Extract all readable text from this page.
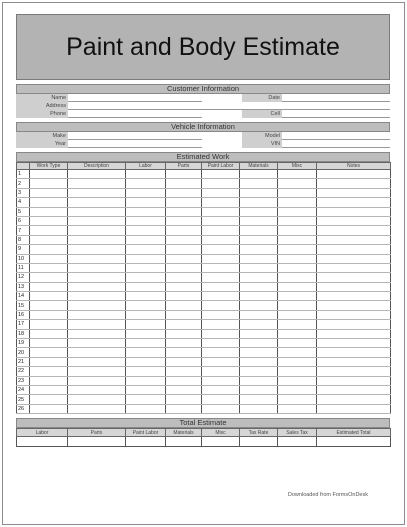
Paint and Body Estimate
Customer Information
Name	Date
Address
Phone	Cell
Vehicle Information
Make	Model
Year	VIN
Estimated Work
	Work Type	Description	Labor	Parts	Paint Labor	Materials	Misc	Notes
1								
2								
3								
4								
5								
6								
7								
8								
9								
10								
11								
12								
13								
14								
15								
16								
17								
18								
19								
20								
21								
22								
23								
24								
25								
26								
Total Estimate
Labor	Parts	Paint Labor	Materials	Misc	Tax Rate	Sales Tax	Estimated Total

Downloaded from FormsOnDesk
